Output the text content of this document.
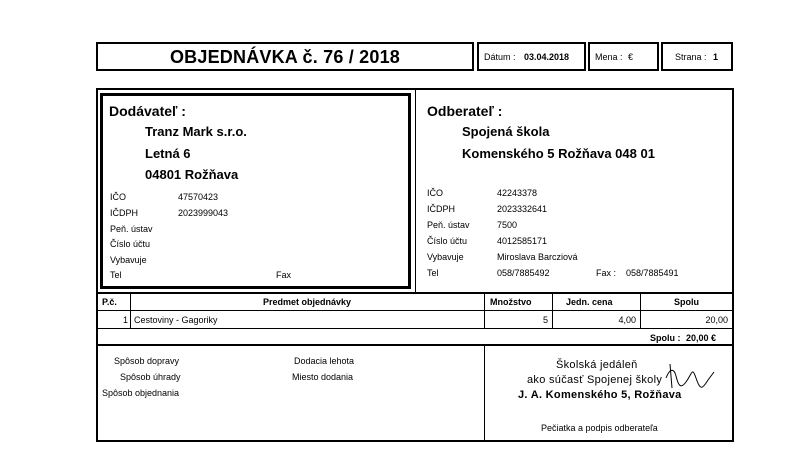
OBJEDNÁVKA č. 76 / 2018	Dátum : 03.04.2018	Mena : €	Strana : 1
Dodávateľ :
Tranz Mark s.r.o.
Letná 6
04801 Rožňava
IČO	47570423
IČDPH	2023999043
Peň. ústav
Číslo účtu
Vybavuje
Tel	Fax
Odberateľ :
Spojená škola
Komenského 5 Rožňava 048 01
IČO	42243378
IČDPH	2023332641
Peň. ústav	7500
Číslo účtu	4012585171
Vybavuje	Miroslava Barcziová
Tel	058/7885492	Fax : 058/7885491
P.č.	Predmet objednávky	Množstvo	Jedn. cena	Spolu
1 Cestoviny - Gagoriky	5	4,00	20,00
Spolu : 20,00 €
Spôsob dopravy
Spôsob úhrady
Spôsob objednania
Dodacia lehota
Miesto dodania
Školská jedáleň
ako súčasť Spojenej školy
J. A. Komenského 5, Rožňava
Pečiatka a podpis odberateľa
